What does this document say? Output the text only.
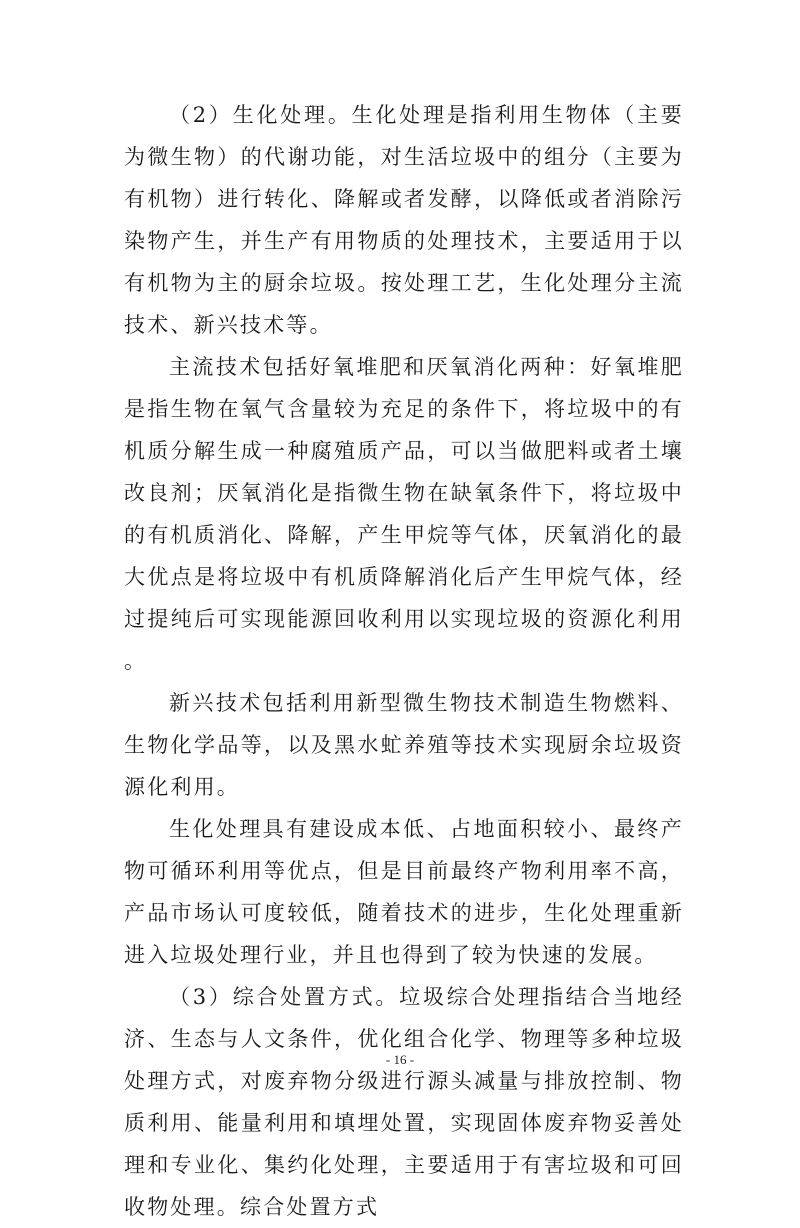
（2）生化处理。生化处理是指利用生物体（主要为微生物）的代谢功能，对生活垃圾中的组分（主要为有机物）进行转化、降解或者发酵，以降低或者消除污染物产生，并生产有用物质的处理技术，主要适用于以有机物为主的厨余垃圾。按处理工艺，生化处理分主流技术、新兴技术等。

主流技术包括好氧堆肥和厌氧消化两种：好氧堆肥是指生物在氧气含量较为充足的条件下，将垃圾中的有机质分解生成一种腐殖质产品，可以当做肥料或者土壤改良剂；厌氧消化是指微生物在缺氧条件下，将垃圾中的有机质消化、降解，产生甲烷等气体，厌氧消化的最大优点是将垃圾中有机质降解消化后产生甲烷气体，经过提纯后可实现能源回收利用以实现垃圾的资源化利用。

新兴技术包括利用新型微生物技术制造生物燃料、生物化学品等，以及黑水虻养殖等技术实现厨余垃圾资源化利用。

生化处理具有建设成本低、占地面积较小、最终产物可循环利用等优点，但是目前最终产物利用率不高，产品市场认可度较低，随着技术的进步，生化处理重新进入垃圾处理行业，并且也得到了较为快速的发展。

（3）综合处置方式。垃圾综合处理指结合当地经济、生态与人文条件，优化组合化学、物理等多种垃圾处理方式，对废弃物分级进行源头减量与排放控制、物质利用、能量利用和填埋处置，实现固体废弃物妥善处理和专业化、集约化处理，主要适用于有害垃圾和可回收物处理。综合处置方式

- 16 -
